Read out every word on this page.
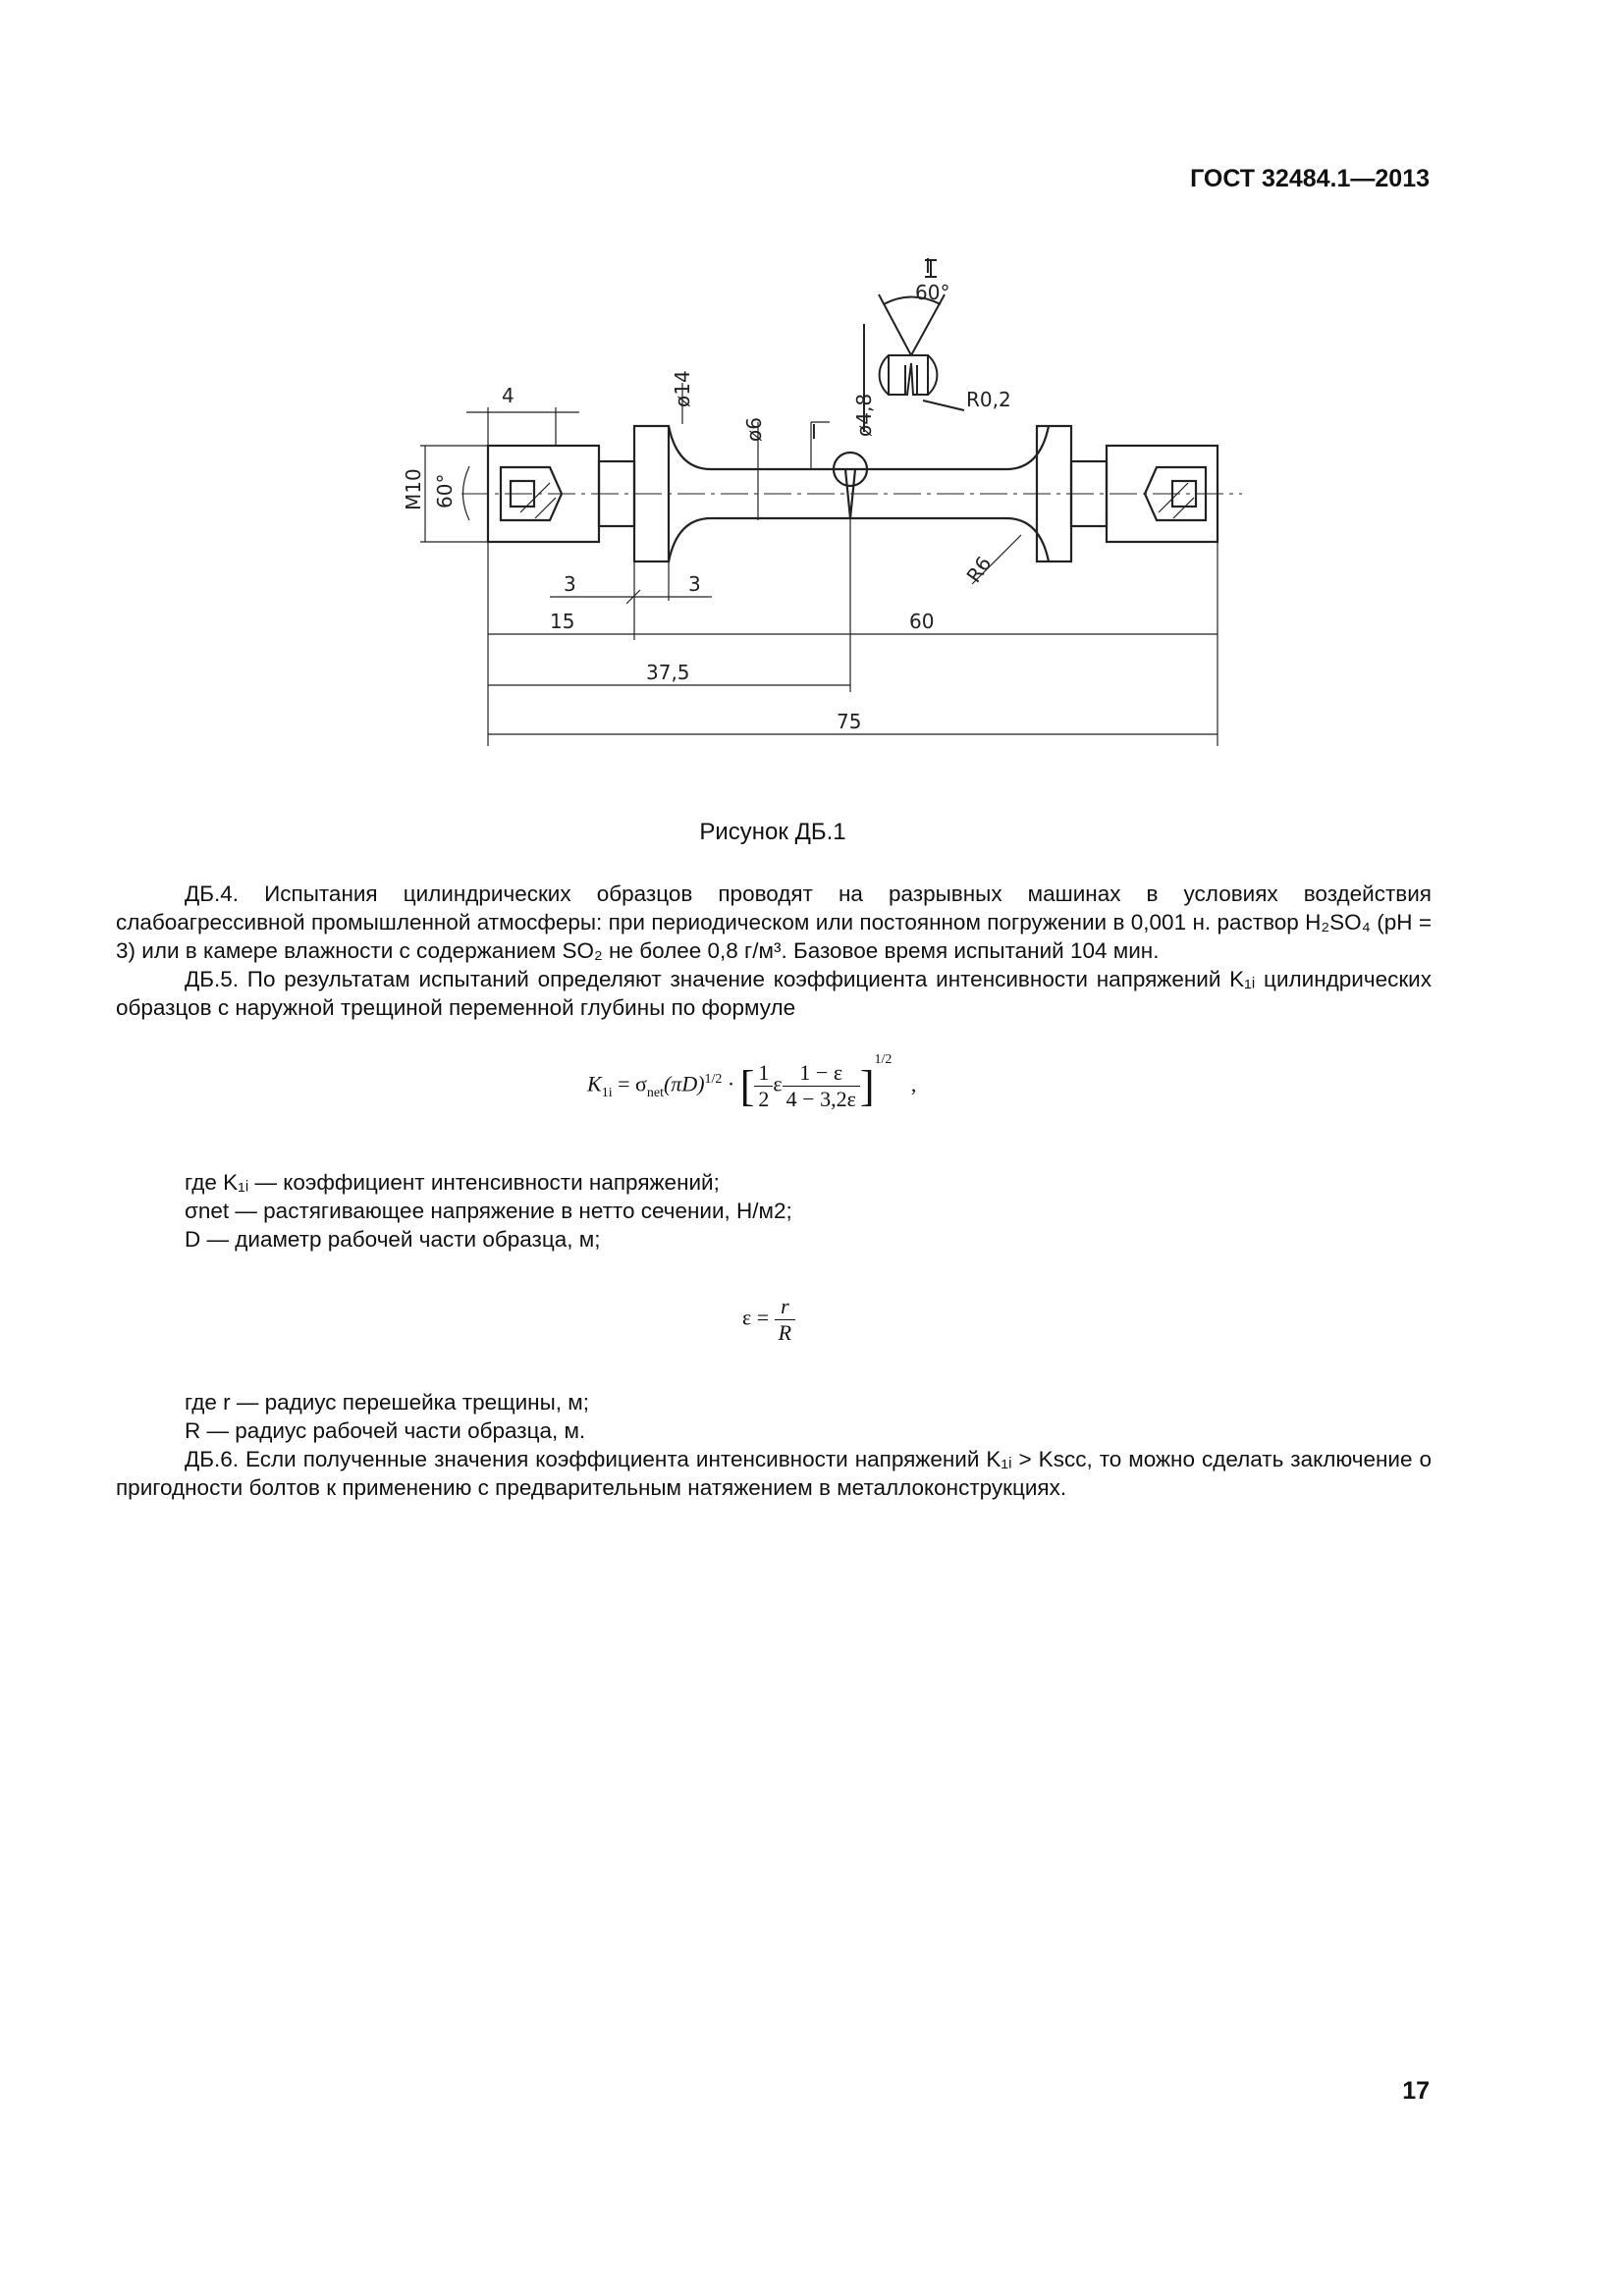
ГОСТ 32484.1—2013
4	ø14
ø6 I
I
ø4,8
60°
R0,2
M10 60°
R6
3	3
15	60
37,5
75
Рисунок ДБ.1

ДБ.4. Испытания цилиндрических образцов проводят на разрывных машинах в условиях воздействия слабоагрессивной промышленной атмосферы: при периодическом или постоянном погружении в 0,001 н. раствор H₂SO₄ (pH = 3) или в камере влажности с содержанием SO₂ не более 0,8 г/м³. Базовое время испытаний 104 мин.

ДБ.5. По результатам испытаний определяют значение коэффициента интенсивности напряжений K₁ᵢ цилиндрических образцов с наружной трещиной переменной глубины по формуле

$K_{1i} = \sigma_{net}(\pi D)^{1/2}$ · [ $\frac{1}{2}$ ε $\frac{1 - \varepsilon}{4 - 3,2\varepsilon} ]^{1/2}$ ,

где K₁ᵢ — коэффициент интенсивности напряжений;

σnet — растягивающее напряжение в нетто сечении, Н/м2;

D — диаметр рабочей части образца, м;

$\varepsilon = \frac{r}{R}$

где r — радиус перешейка трещины, м;

R — радиус рабочей части образца, м.

ДБ.6. Если полученные значения коэффициента интенсивности напряжений K₁ᵢ > Kscc, то можно сделать заключение о пригодности болтов к применению с предварительным натяжением в металлоконструкциях.

17
